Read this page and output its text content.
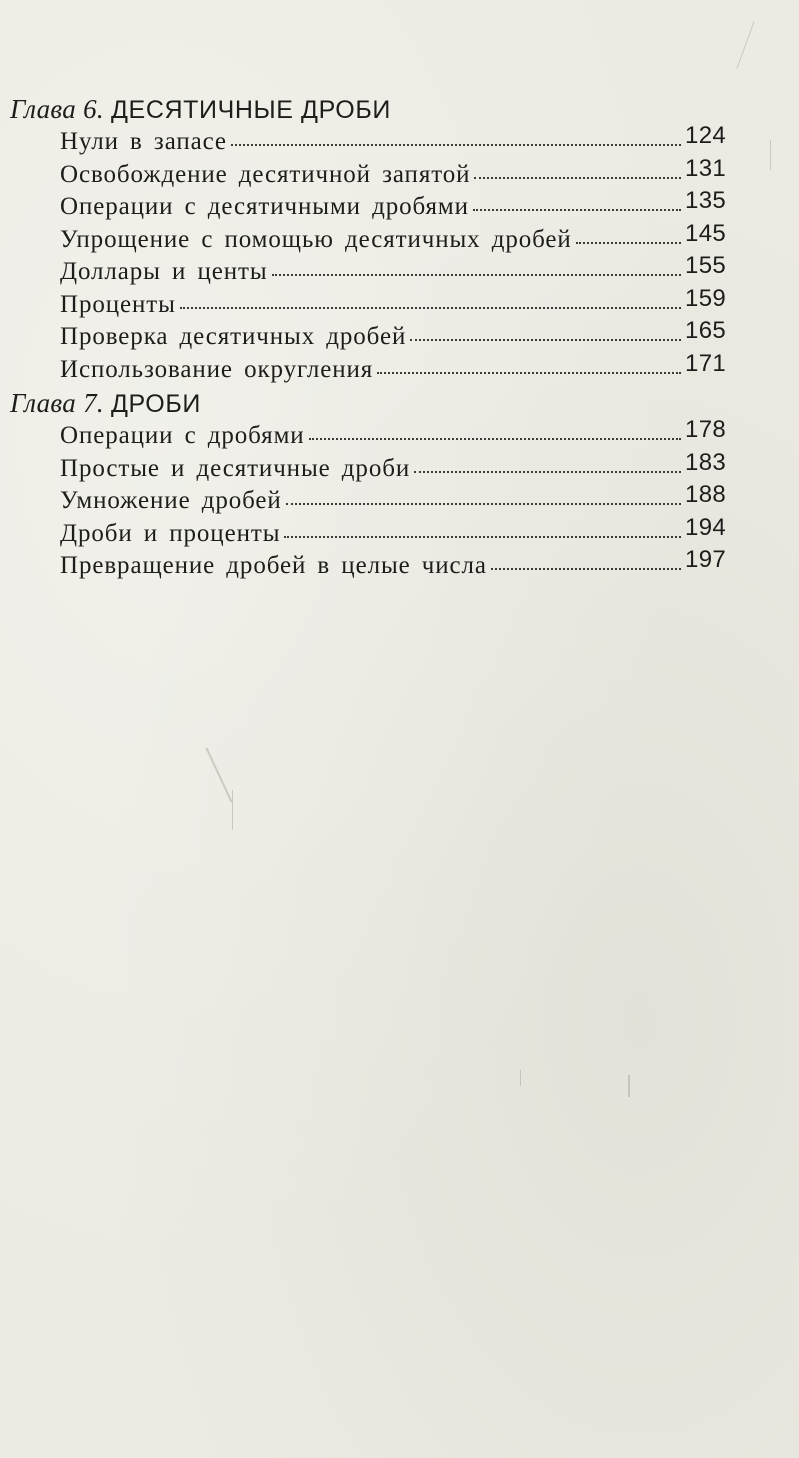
Глава 6. ДЕСЯТИЧНЫЕ ДРОБИ
Нули в запасе	124
Освобождение десятичной запятой	131
Операции с десятичными дробями	135
Упрощение с помощью десятичных дробей	145
Доллары и центы	155
Проценты	159
Проверка десятичных дробей	165
Использование округления	171
Глава 7. ДРОБИ
Операции с дробями	178
Простые и десятичные дроби	183
Умножение дробей	188
Дроби и проценты	194
Превращение дробей в целые числа	197
